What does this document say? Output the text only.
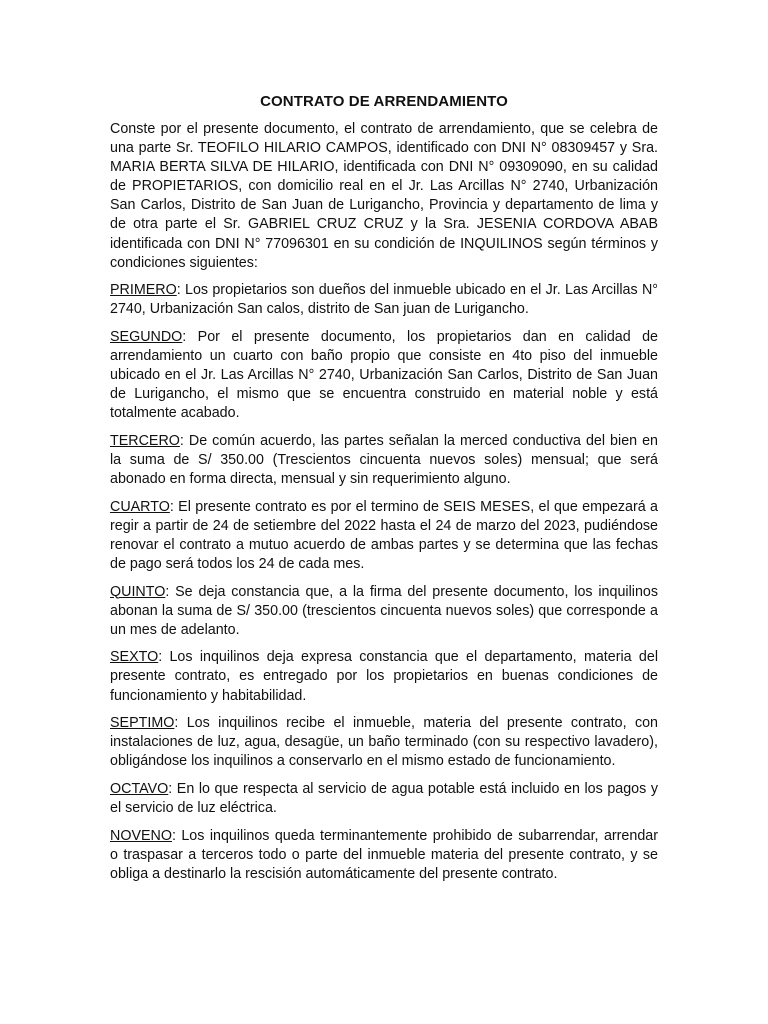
CONTRATO DE ARRENDAMIENTO

Conste por el presente documento, el contrato de arrendamiento, que se celebra de una parte Sr. TEOFILO HILARIO CAMPOS, identificado con DNI N° 08309457 y Sra. MARIA BERTA SILVA DE HILARIO, identificada con DNI N° 09309090, en su calidad de PROPIETARIOS, con domicilio real en el Jr. Las Arcillas N° 2740, Urbanización San Carlos, Distrito de San Juan de Lurigancho, Provincia y departamento de lima y de otra parte el Sr. GABRIEL CRUZ CRUZ y la Sra. JESENIA CORDOVA ABAB identificada con DNI N° 77096301 en su condición de INQUILINOS según términos y condiciones siguientes:

PRIMERO: Los propietarios son dueños del inmueble ubicado en el Jr. Las Arcillas N° 2740, Urbanización San calos, distrito de San juan de Lurigancho.

SEGUNDO: Por el presente documento, los propietarios dan en calidad de arrendamiento un cuarto con baño propio que consiste en 4to piso del inmueble ubicado en el Jr. Las Arcillas N° 2740, Urbanización San Carlos, Distrito de San Juan de Lurigancho, el mismo que se encuentra construido en material noble y está totalmente acabado.

TERCERO: De común acuerdo, las partes señalan la merced conductiva del bien en la suma de S/ 350.00 (Trescientos cincuenta nuevos soles) mensual; que será abonado en forma directa, mensual y sin requerimiento alguno.

CUARTO: El presente contrato es por el termino de SEIS MESES, el que empezará a regir a partir de 24 de setiembre del 2022 hasta el 24 de marzo del 2023, pudiéndose renovar el contrato a mutuo acuerdo de ambas partes y se determina que las fechas de pago será todos los 24 de cada mes.

QUINTO: Se deja constancia que, a la firma del presente documento, los inquilinos abonan la suma de S/ 350.00 (trescientos cincuenta nuevos soles) que corresponde a un mes de adelanto.

SEXTO: Los inquilinos deja expresa constancia que el departamento, materia del presente contrato, es entregado por los propietarios en buenas condiciones de funcionamiento y habitabilidad.

SEPTIMO: Los inquilinos recibe el inmueble, materia del presente contrato, con instalaciones de luz, agua, desagüe, un baño terminado (con su respectivo lavadero), obligándose los inquilinos a conservarlo en el mismo estado de funcionamiento.

OCTAVO: En lo que respecta al servicio de agua potable está incluido en los pagos y el servicio de luz eléctrica.

NOVENO: Los inquilinos queda terminantemente prohibido de subarrendar, arrendar o traspasar a terceros todo o parte del inmueble materia del presente contrato, y se obliga a destinarlo la rescisión automáticamente del presente contrato.
